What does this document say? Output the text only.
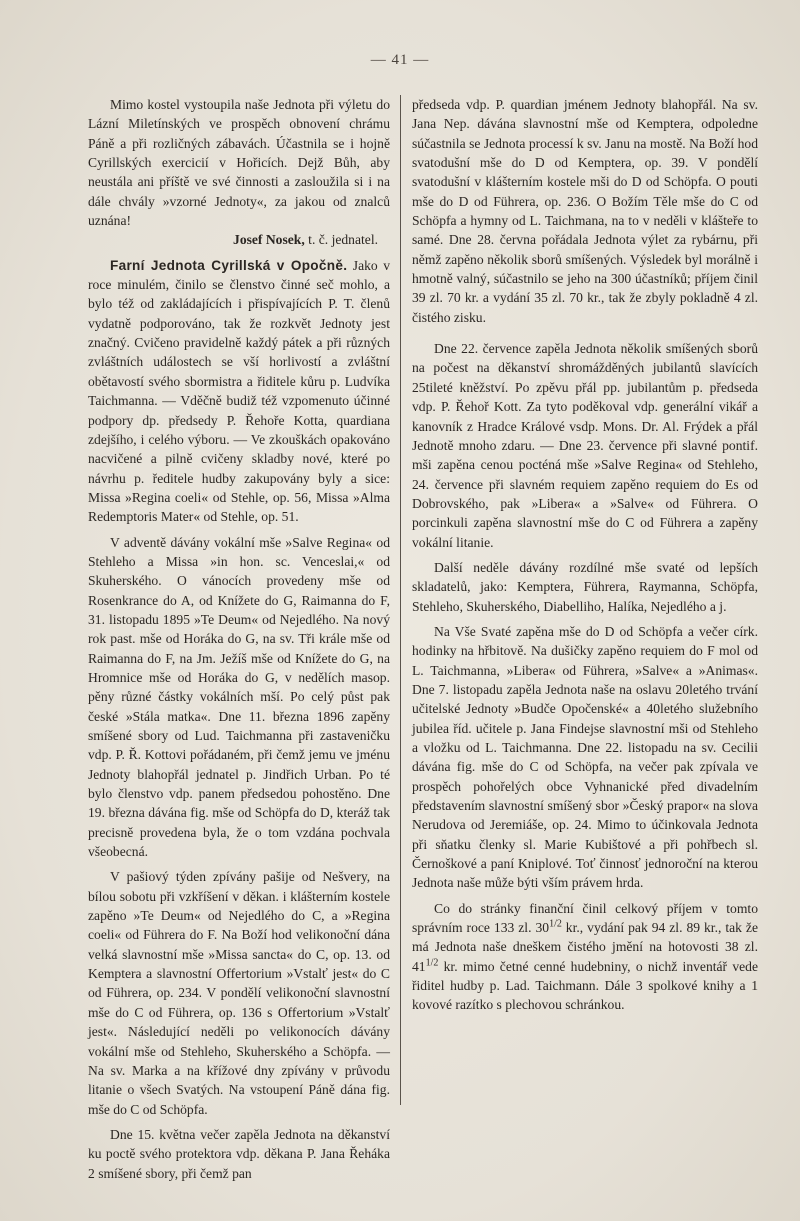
— 41 —

Mimo kostel vystoupila naše Jednota při výletu do Lázní Miletínských ve prospěch obnovení chrámu Páně a při rozličných zábavách. Účastnila se i hojně Cyrillských exercicií v Hořicích. Dejž Bůh, aby neustála ani příště ve své činnosti a zasloužila si i na dále chvály »vzorné Jednoty«, za jakou od znalců uznána!

Josef Nosek, t. č. jednatel.

Farní Jednota Cyrillská v Opočně. Jako v roce minulém, činilo se členstvo činné seč mohlo, a bylo též od zakládajících i přispívajících P. T. členů vydatně podporováno, tak že rozkvět Jednoty jest značný. Cvičeno pravidelně každý pátek a při různých zvláštních událostech se vší horlivostí a zvláštní obětavostí svého sbormistra a řiditele kůru p. Ludvíka Taichmanna. — Vděčně budiž též vzpomenuto účinné podpory dp. předsedy P. Řehoře Kotta, quardiana zdejšího, i celého výboru. — Ve zkouškách opakováno nacvičené a pilně cvičeny skladby nové, které po návrhu p. ředitele hudby zakupovány byly a sice: Missa »Regina coeli« od Stehle, op. 56, Missa »Alma Redemptoris Mater« od Stehle, op. 51.

V adventě dávány vokální mše »Salve Regina« od Stehleho a Missa »in hon. sc. Venceslai,« od Skuherského. O vánocích provedeny mše od Rosenkrance do A, od Knížete do G, Raimanna do F, 31. listopadu 1895 »Te Deum« od Nejedlého. Na nový rok past. mše od Horáka do G, na sv. Tři krále mše od Raimanna do F, na Jm. Ježíš mše od Knížete do G, na Hromnice mše od Horáka do G, v nedělích masop. pěny různé částky vokálních mší. Po celý půst pak české »Stála matka«. Dne 11. března 1896 zapěny smíšené sbory od Lud. Taichmanna při zastaveničku vdp. P. Ř. Kottovi pořádaném, při čemž jemu ve jménu Jednoty blahopřál jednatel p. Jindřich Urban. Po té bylo členstvo vdp. panem předsedou pohostěno. Dne 19. března dávána fig. mše od Schöpfa do D, kteráž tak precisně provedena byla, že o tom vzdána pochvala všeobecná.

V pašiový týden zpívány pašije od Nešvery, na bílou sobotu při vzkříšení v děkan. i klášterním kostele zapěno »Te Deum« od Nejedlého do C, a »Regina coeli« od Führera do F. Na Boží hod velikonoční dána velká slavnostní mše »Missa sancta« do C, op. 13. od Kemptera a slavnostní Offertorium »Vstalť jest« do C od Führera, op. 234. V pondělí velikonoční slavnostní mše do C od Führera, op. 136 s Offertorium »Vstalť jest«. Následující neděli po velikonocích dávány vokální mše od Stehleho, Skuherského a Schöpfa. — Na sv. Marka a na křížové dny zpívány v průvodu litanie o všech Svatých. Na vstoupení Páně dána fig. mše do C od Schöpfa.

Dne 15. května večer zapěla Jednota na děkanství ku poctě svého protektora vdp. děkana P. Jana Řeháka 2 smíšené sbory, při čemž pan

předseda vdp. P. quardian jménem Jednoty blahopřál. Na sv. Jana Nep. dávána slavnostní mše od Kemptera, odpoledne súčastnila se Jednota processí k sv. Janu na mostě. Na Boží hod svatodušní mše do D od Kemptera, op. 39. V pondělí svatodušní v klášterním kostele mši do D od Schöpfa. O pouti mše do D od Führera, op. 236. O Božím Těle mše do C od Schöpfa a hymny od L. Taichmana, na to v neděli v klášteře to samé. Dne 28. června pořádala Jednota výlet za rybárnu, při němž zapěno několik sborů smíšených. Výsledek byl morálně i hmotně valný, súčastnilo se jeho na 300 účastníků; příjem činil 39 zl. 70 kr. a vydání 35 zl. 70 kr., tak že zbyly pokladně 4 zl. čistého zisku.

Dne 22. července zapěla Jednota několik smíšených sborů na počest na děkanství shromážděných jubilantů slavících 25tileté kněžství. Po zpěvu přál pp. jubilantům p. předseda vdp. P. Řehoř Kott. Za tyto poděkoval vdp. generální vikář a kanovník z Hradce Králové vsdp. Mons. Dr. Al. Frýdek a přál Jednotě mnoho zdaru. — Dne 23. července při slavné pontif. mši zapěna cenou pocténá mše »Salve Regina« od Stehleho, 24. července při slavném requiem zapěno requiem do Es od Dobrovského, pak »Libera« a »Salve« od Führera. O porcinkuli zapěna slavnostní mše do C od Führera a zapěny vokální litanie.

Další neděle dávány rozdílné mše svaté od lepších skladatelů, jako: Kemptera, Führera, Raymanna, Schöpfa, Stehleho, Skuherského, Diabelliho, Halíka, Nejedlého a j.

Na Vše Svaté zapěna mše do D od Schöpfa a večer círk. hodinky na hřbitově. Na dušičky zapěno requiem do F mol od L. Taichmanna, »Libera« od Führera, »Salve« a »Animas«. Dne 7. listopadu zapěla Jednota naše na oslavu 20letého trvání učitelské Jednoty »Budče Opočenské« a 40letého služebního jubilea říd. učitele p. Jana Findejse slavnostní mši od Stehleho a vložku od L. Taichmanna. Dne 22. listopadu na sv. Cecilii dávána fig. mše do C od Schöpfa, na večer pak zpívala ve prospěch pohořelých obce Vyhnanické před divadelním představením slavnostní smíšený sbor »Český prapor« na slova Nerudova od Jeremiáše, op. 24. Mimo to účinkovala Jednota při sňatku členky sl. Marie Kubištové a při pohřbech sl. Černoškové a paní Kniplové. Toť činnosť jednoroční na kterou Jednota naše může býti vším právem hrda.

Co do stránky finanční činil celkový příjem v tomto správním roce 133 zl. $30^{1/2}$ kr., vydání pak 94 zl. 89 kr., tak že má Jednota naše dneškem čistého jmění na hotovosti 38 zl. $41^{1/2}$ kr. mimo četné cenné hudebniny, o nichž inventář vede řiditel hudby p. Lad. Taichmann. Dále 3 spolkové knihy a 1 kovové razítko s plechovou schránkou.
